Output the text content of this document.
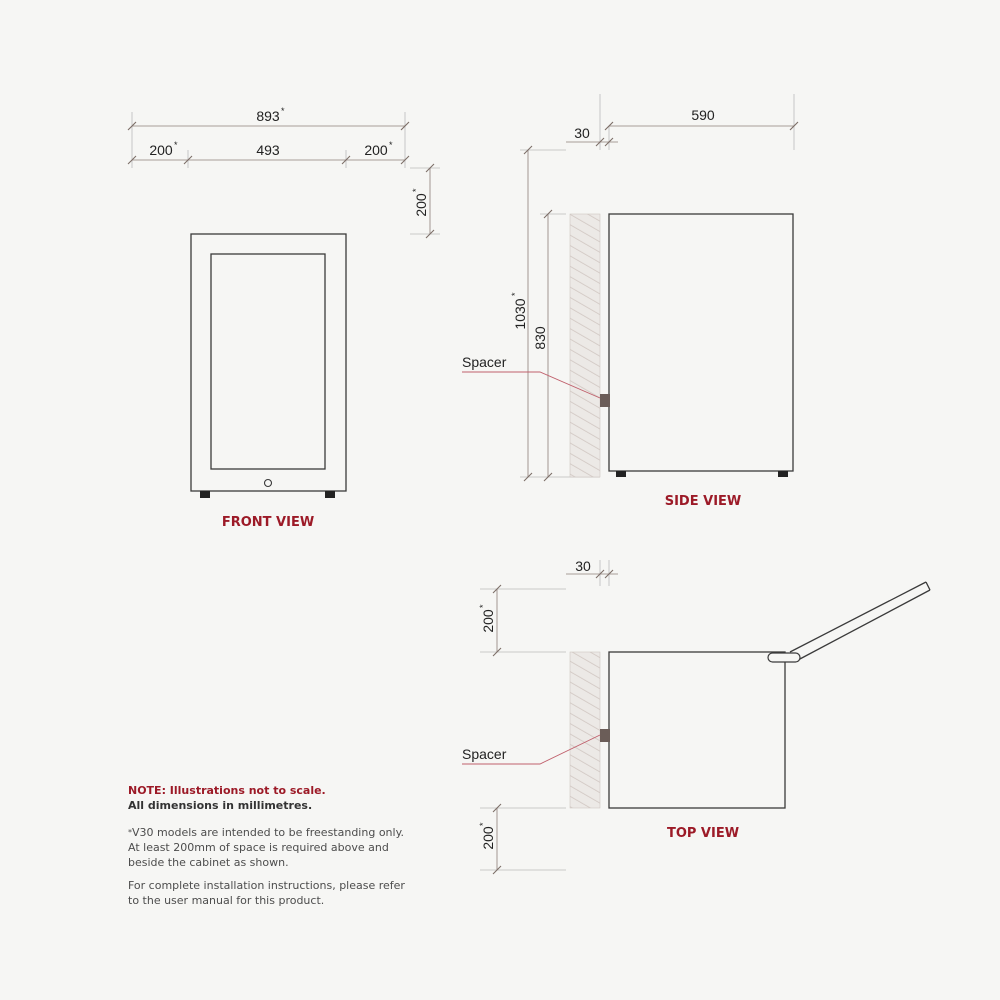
893 *
200 *	493	200 *
200
*
FRONT VIEW
590
30
1030
*
830
Spacer
SIDE VIEW
30
200
*
200
*
Spacer
TOP VIEW

NOTE: Illustrations not to scale.

All dimensions in millimetres.

*V30 models are intended to be freestanding only.

At least 200mm of space is required above and

beside the cabinet as shown.

For complete installation instructions, please refer

to the user manual for this product.
